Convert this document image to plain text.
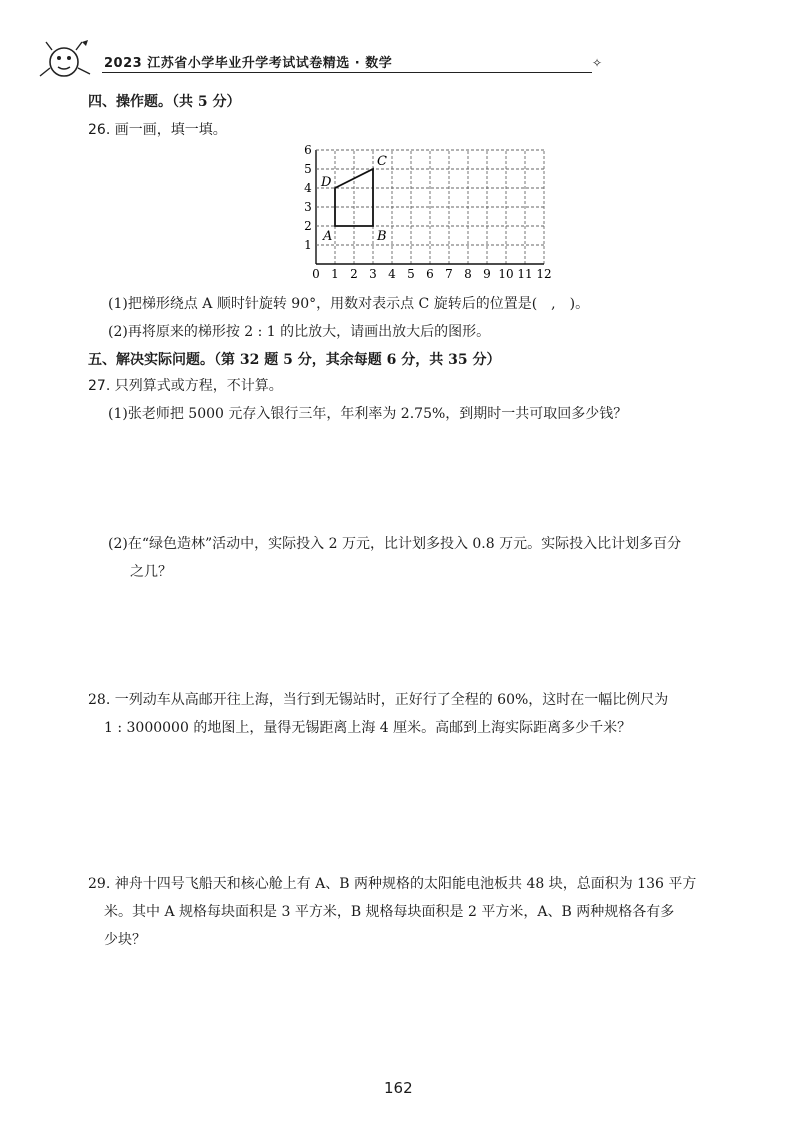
2023 江苏省小学毕业升学考试试卷精选 · 数学	✧
四、操作题。（共 5 分）
26. 画一画，填一填。
0 1 2 3 4 5 6 7 8 9 10 11 12
1
2
3
4
5
6
A	B
C
D
(1)把梯形绕点 A 顺时针旋转 90°，用数对表示点 C 旋转后的位置是(　,　)。
(2)再将原来的梯形按 2 : 1 的比放大，请画出放大后的图形。
五、解决实际问题。（第 32 题 5 分，其余每题 6 分，共 35 分）
27. 只列算式或方程，不计算。
(1)张老师把 5000 元存入银行三年，年利率为 2.75%，到期时一共可取回多少钱？
(2)在“绿色造林”活动中，实际投入 2 万元，比计划多投入 0.8 万元。实际投入比计划多百分
之几？
28. 一列动车从高邮开往上海，当行到无锡站时，正好行了全程的 60%，这时在一幅比例尺为
1 : 3000000 的地图上，量得无锡距离上海 4 厘米。高邮到上海实际距离多少千米？
29. 神舟十四号飞船天和核心舱上有 A、B 两种规格的太阳能电池板共 48 块，总面积为 136 平方
米。其中 A 规格每块面积是 3 平方米，B 规格每块面积是 2 平方米，A、B 两种规格各有多
少块？
162
